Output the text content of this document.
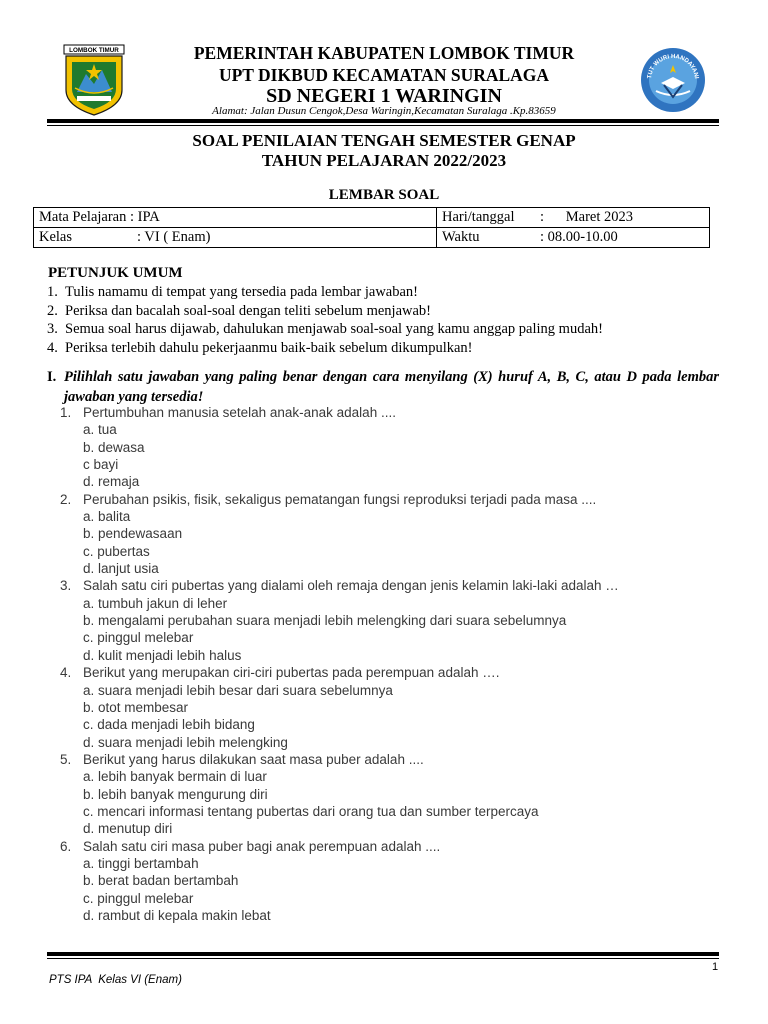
LOMBOK TIMUR
TUT WURI HANDAYANI
PEMERINTAH KABUPATEN LOMBOK TIMUR
UPT DIKBUD KECAMATAN SURALAGA
SD NEGERI 1 WARINGIN
Alamat: Jalan Dusun Cengok,Desa Waringin,Kecamatan Suralaga .Kp.83659
SOAL PENILAIAN TENGAH SEMESTER GENAP
TAHUN PELAJARAN 2022/2023
LEMBAR SOAL
Mata Pelajaran : IPA	Hari/tanggal :      Maret 2023
Kelas : VI ( Enam)	Waktu : 08.00-10.00
PETUNJUK UMUM
1. Tulis namamu di tempat yang tersedia pada lembar jawaban!
2. Periksa dan bacalah soal-soal dengan teliti sebelum menjawab!
3. Semua soal harus dijawab, dahulukan menjawab soal-soal yang kamu anggap paling mudah!
4. Periksa terlebih dahulu pekerjaanmu baik-baik sebelum dikumpulkan!
I. Pilihlah satu jawaban yang paling benar dengan cara menyilang (X) huruf A, B, C, atau D pada lembar jawaban yang tersedia!
1. Pertumbuhan manusia setelah anak-anak adalah ....
a. tua
b. dewasa
c bayi
d. remaja
2. Perubahan psikis, fisik, sekaligus pematangan fungsi reproduksi terjadi pada masa ....
a. balita
b. pendewasaan
c. pubertas
d. lanjut usia
3. Salah satu ciri pubertas yang dialami oleh remaja dengan jenis kelamin laki-laki adalah …
a. tumbuh jakun di leher
b. mengalami perubahan suara menjadi lebih melengking dari suara sebelumnya
c. pinggul melebar
d. kulit menjadi lebih halus
4. Berikut yang merupakan ciri-ciri pubertas pada perempuan adalah ….
a. suara menjadi lebih besar dari suara sebelumnya
b. otot membesar
c. dada menjadi lebih bidang
d. suara menjadi lebih melengking
5. Berikut yang harus dilakukan saat masa puber adalah ....
a. lebih banyak bermain di luar
b. lebih banyak mengurung diri
c. mencari informasi tentang pubertas dari orang tua dan sumber terpercaya
d. menutup diri
6. Salah satu ciri masa puber bagi anak perempuan adalah ....
a. tinggi bertambah
b. berat badan bertambah
c. pinggul melebar
d. rambut di kepala makin lebat
1
PTS IPA  Kelas VI (Enam)
